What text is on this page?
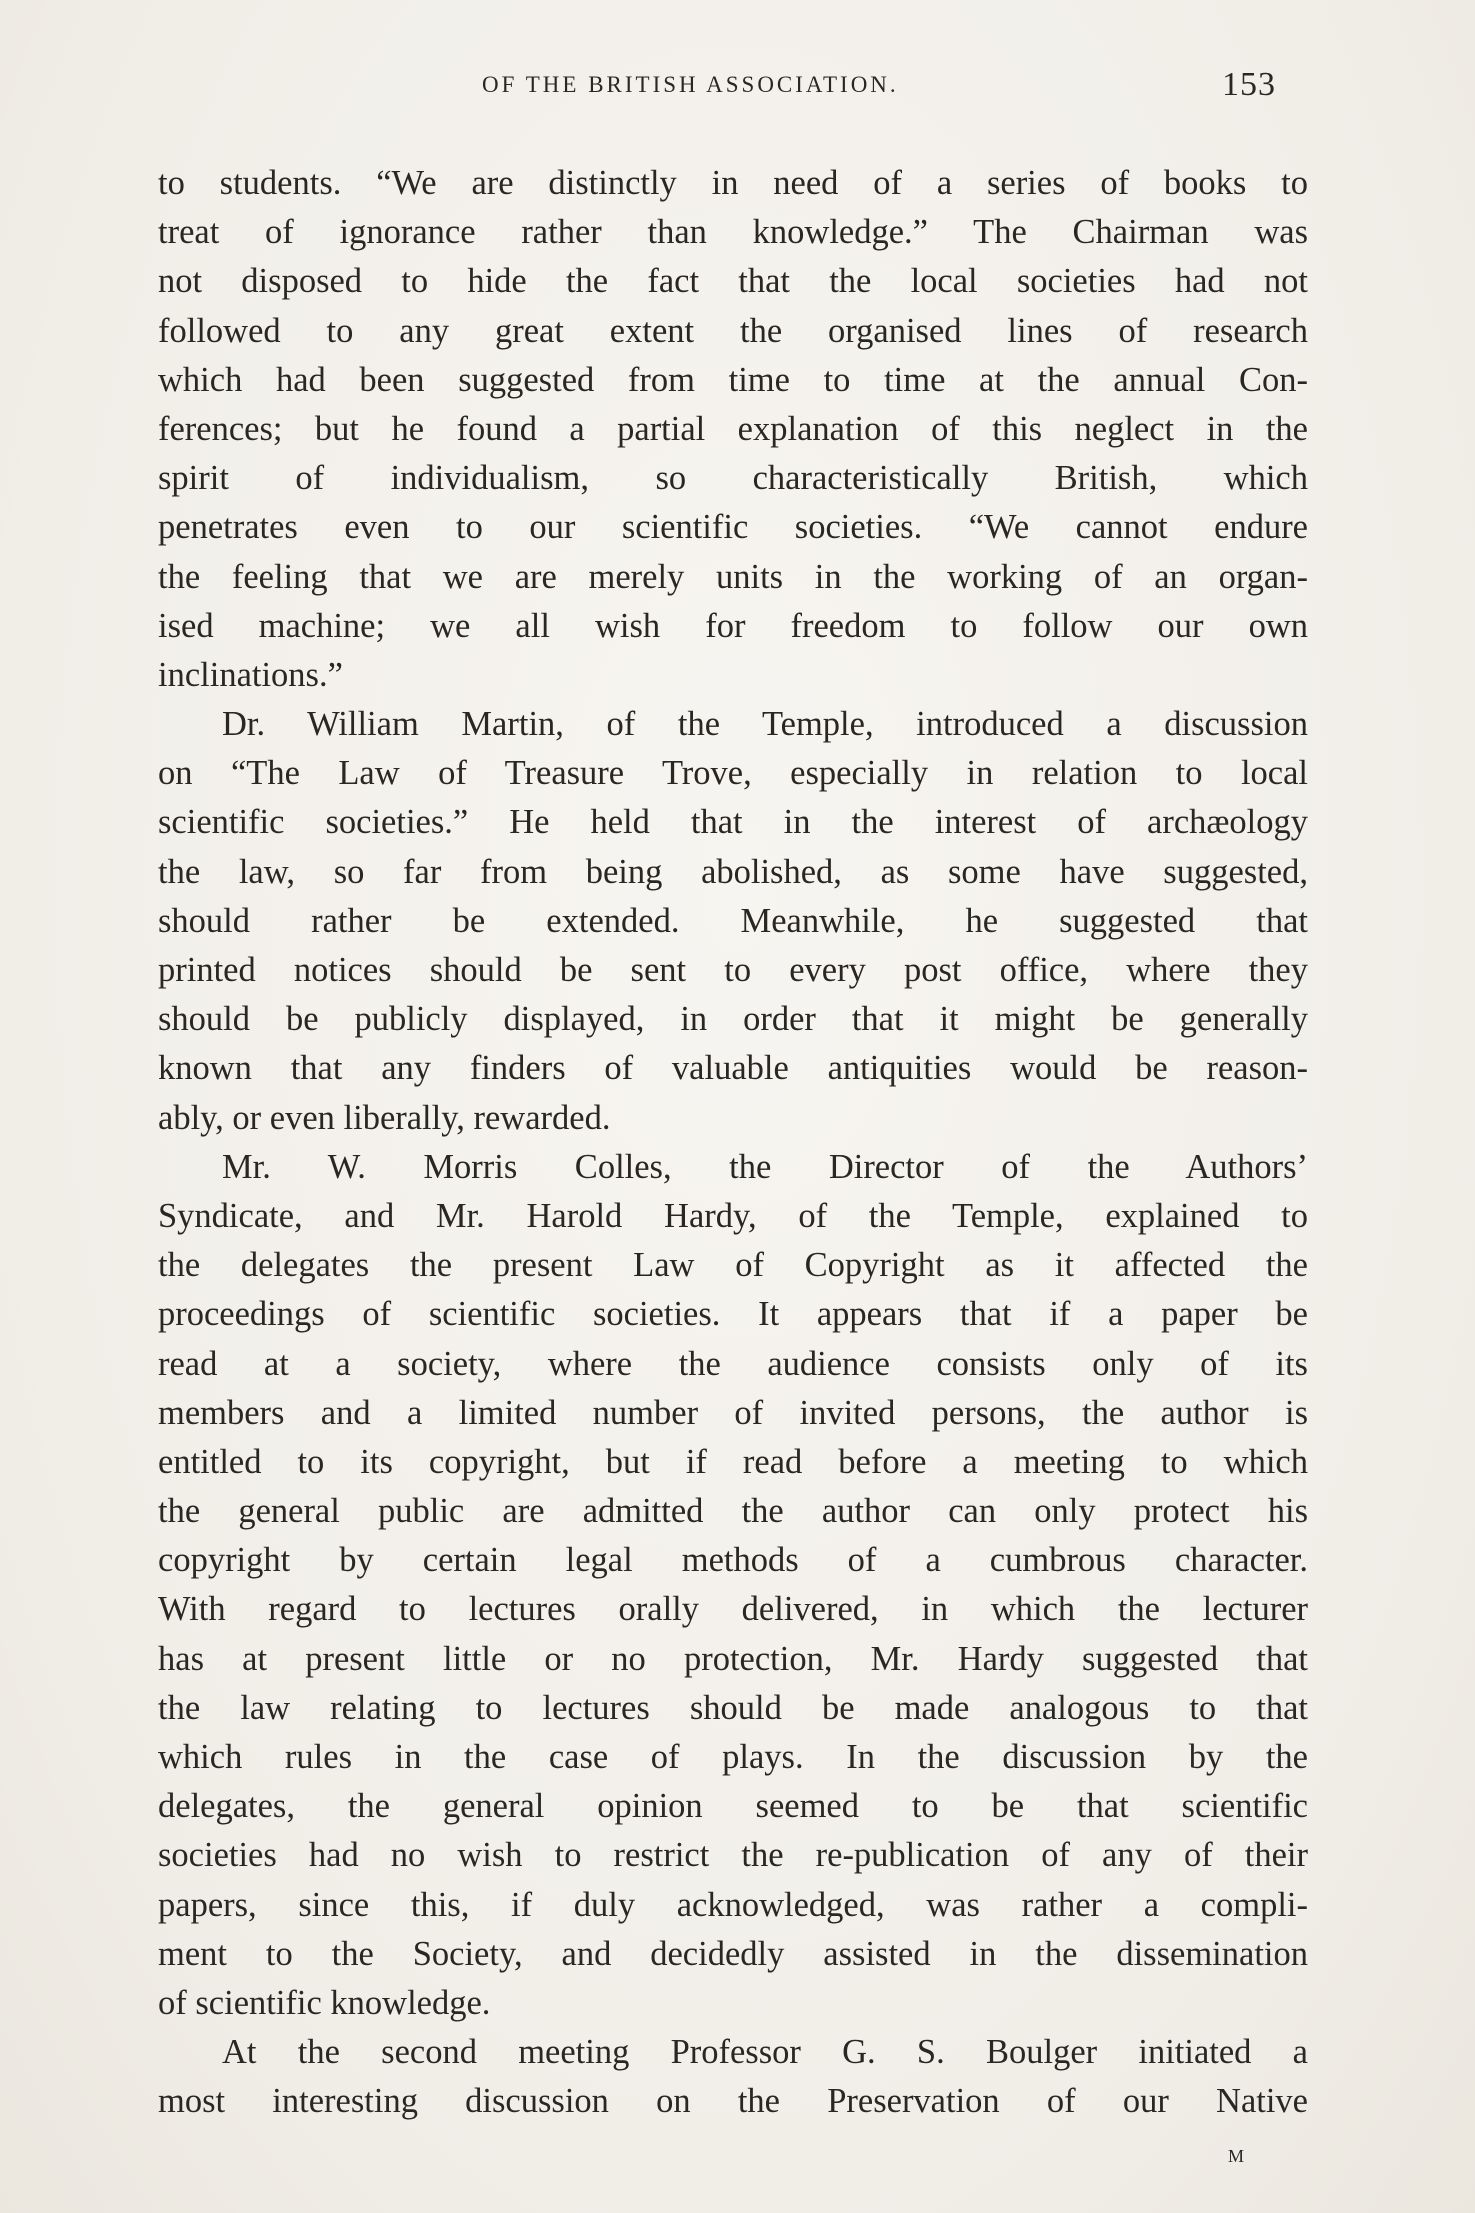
OF THE BRITISH ASSOCIATION.	153
to students. “We are distinctly in need of a series of books to
treat of ignorance rather than knowledge.” The Chairman was
not disposed to hide the fact that the local societies had not
followed to any great extent the organised lines of research
which had been suggested from time to time at the annual Con-
ferences; but he found a partial explanation of this neglect in the
spirit of individualism, so characteristically British, which
penetrates even to our scientific societies. “We cannot endure
the feeling that we are merely units in the working of an organ-
ised machine; we all wish for freedom to follow our own
inclinations.”
Dr. William Martin, of the Temple, introduced a discussion
on “The Law of Treasure Trove, especially in relation to local
scientific societies.” He held that in the interest of archæology
the law, so far from being abolished, as some have suggested,
should rather be extended. Meanwhile, he suggested that
printed notices should be sent to every post office, where they
should be publicly displayed, in order that it might be generally
known that any finders of valuable antiquities would be reason-
ably, or even liberally, rewarded.
Mr. W. Morris Colles, the Director of the Authors’
Syndicate, and Mr. Harold Hardy, of the Temple, explained to
the delegates the present Law of Copyright as it affected the
proceedings of scientific societies. It appears that if a paper be
read at a society, where the audience consists only of its
members and a limited number of invited persons, the author is
entitled to its copyright, but if read before a meeting to which
the general public are admitted the author can only protect his
copyright by certain legal methods of a cumbrous character.
With regard to lectures orally delivered, in which the lecturer
has at present little or no protection, Mr. Hardy suggested that
the law relating to lectures should be made analogous to that
which rules in the case of plays. In the discussion by the
delegates, the general opinion seemed to be that scientific
societies had no wish to restrict the re-publication of any of their
papers, since this, if duly acknowledged, was rather a compli-
ment to the Society, and decidedly assisted in the dissemination
of scientific knowledge.
At the second meeting Professor G. S. Boulger initiated a
most interesting discussion on the Preservation of our Native
M
